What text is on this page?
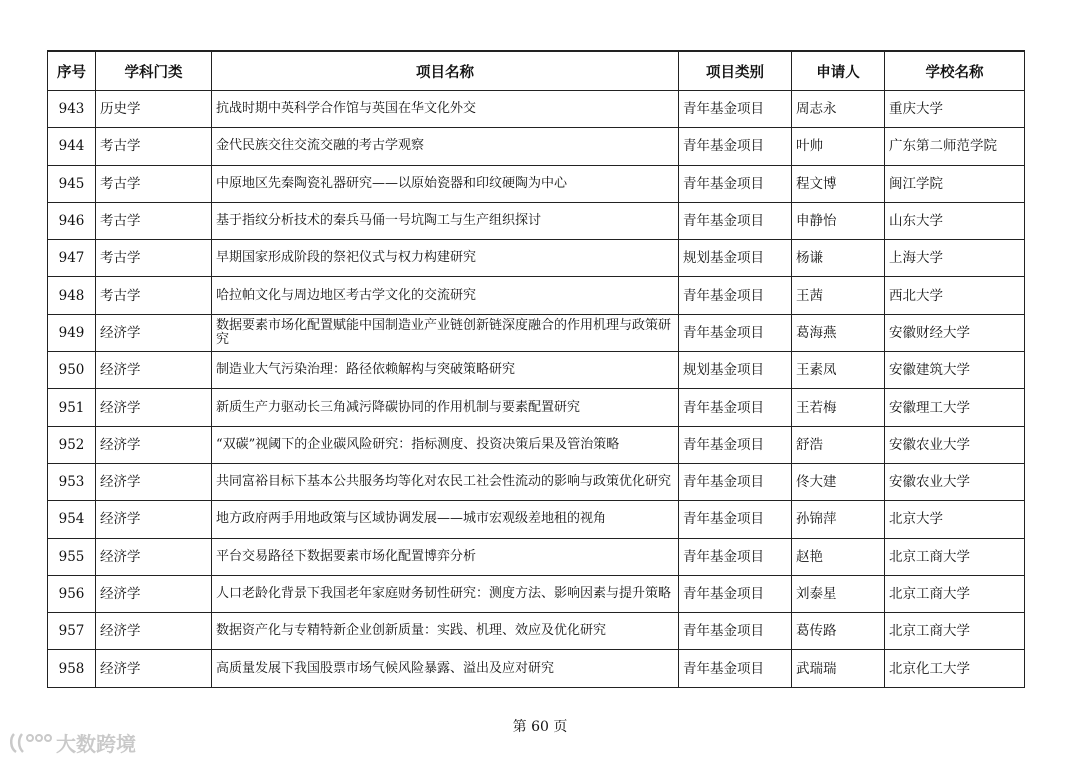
序号	学科门类	项目名称	项目类别	申请人	学校名称
943	历史学	抗战时期中英科学合作馆与英国在华文化外交	青年基金项目	周志永	重庆大学
944	考古学	金代民族交往交流交融的考古学观察	青年基金项目	叶帅	广东第二师范学院
945	考古学	中原地区先秦陶瓷礼器研究——以原始瓷器和印纹硬陶为中心	青年基金项目	程文博	闽江学院
946	考古学	基于指纹分析技术的秦兵马俑一号坑陶工与生产组织探讨	青年基金项目	申静怡	山东大学
947	考古学	早期国家形成阶段的祭祀仪式与权力构建研究	规划基金项目	杨谦	上海大学
948	考古学	哈拉帕文化与周边地区考古学文化的交流研究	青年基金项目	王茜	西北大学
949	经济学	数据要素市场化配置赋能中国制造业产业链创新链深度融合的作用机理与政策研究	青年基金项目	葛海燕	安徽财经大学
950	经济学	制造业大气污染治理：路径依赖解构与突破策略研究	规划基金项目	王素凤	安徽建筑大学
951	经济学	新质生产力驱动长三角减污降碳协同的作用机制与要素配置研究	青年基金项目	王若梅	安徽理工大学
952	经济学	“双碳”视阈下的企业碳风险研究：指标测度、投资决策后果及管治策略	青年基金项目	舒浩	安徽农业大学
953	经济学	共同富裕目标下基本公共服务均等化对农民工社会性流动的影响与政策优化研究	青年基金项目	佟大建	安徽农业大学
954	经济学	地方政府两手用地政策与区域协调发展——城市宏观级差地租的视角	青年基金项目	孙锦萍	北京大学
955	经济学	平台交易路径下数据要素市场化配置博弈分析	青年基金项目	赵艳	北京工商大学
956	经济学	人口老龄化背景下我国老年家庭财务韧性研究：测度方法、影响因素与提升策略	青年基金项目	刘泰星	北京工商大学
957	经济学	数据资产化与专精特新企业创新质量：实践、机理、效应及优化研究	青年基金项目	葛传路	北京工商大学
958	经济学	高质量发展下我国股票市场气候风险暴露、溢出及应对研究	青年基金项目	武瑞瑞	北京化工大学
第 60 页
大数跨境
